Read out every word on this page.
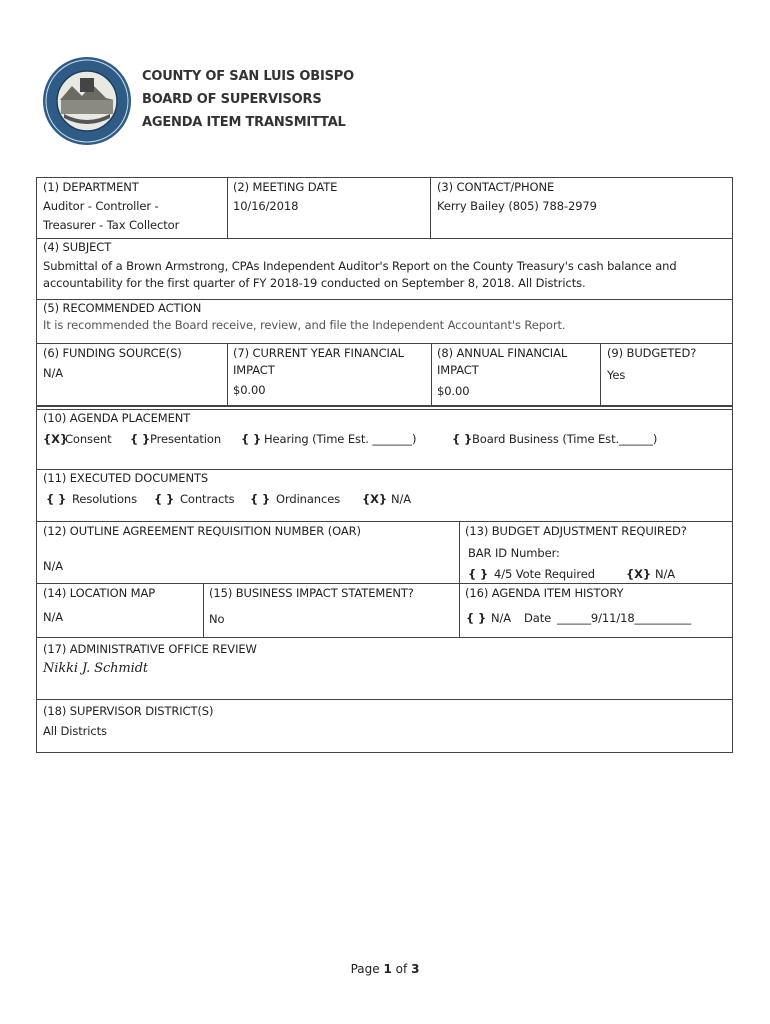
COUNTY OF SAN LUIS OBISPO
BOARD OF SUPERVISORS
AGENDA ITEM TRANSMITTAL
(1) DEPARTMENT
Auditor - Controller -
Treasurer - Tax Collector
(2) MEETING DATE
10/16/2018
(3) CONTACT/PHONE
Kerry Bailey (805) 788-2979
(4) SUBJECT
Submittal of a Brown Armstrong, CPAs Independent Auditor's Report on the County Treasury's cash balance and
accountability for the first quarter of FY 2018-19 conducted on September 8, 2018. All Districts.
(5) RECOMMENDED ACTION
It is recommended the Board receive, review, and file the Independent Accountant's Report.
(6) FUNDING SOURCE(S)
N/A
(7) CURRENT YEAR FINANCIAL
IMPACT
$0.00
(8) ANNUAL FINANCIAL
IMPACT
$0.00
(9) BUDGETED?
Yes
(10) AGENDA PLACEMENT
{X}
Consent { } Presentation { } Hearing (Time Est. _______)	{ } Board Business (Time Est.______)
(11) EXECUTED DOCUMENTS
{ } Resolutions { } Contracts { } Ordinances {X} N/A
(12) OUTLINE AGREEMENT REQUISITION NUMBER (OAR)
N/A
(13) BUDGET ADJUSTMENT REQUIRED?
BAR ID Number:
{ } 4/5 Vote Required	{X} N/A
(14) LOCATION MAP
N/A
(15) BUSINESS IMPACT STATEMENT?
No
(16) AGENDA ITEM HISTORY
{ } N/A Date ______9/11/18__________
(17) ADMINISTRATIVE OFFICE REVIEW
Nikki J. Schmidt
(18) SUPERVISOR DISTRICT(S)
All Districts
Page 1 of 3
